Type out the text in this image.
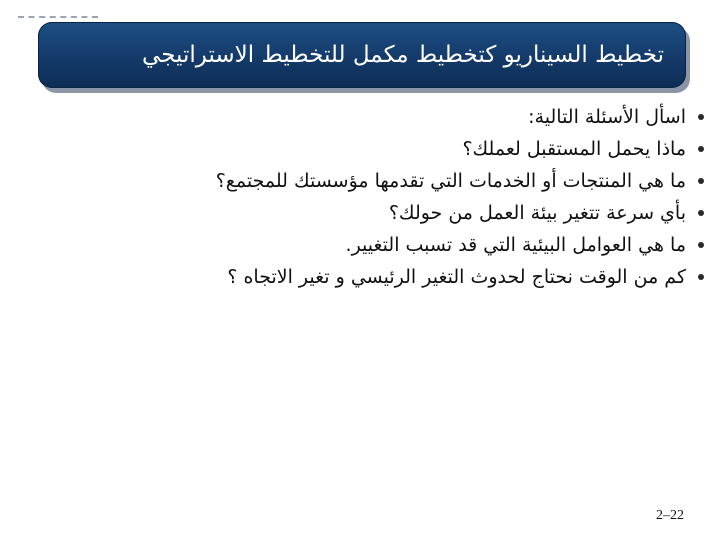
تخطيط السيناريو كتخطيط مكمل للتخطيط الاستراتيجي
اسأل الأسئلة التالية:
ماذا يحمل المستقبل لعملك؟
ما هي المنتجات أو الخدمات التي تقدمها مؤسستك للمجتمع؟
بأي سرعة تتغير بيئة العمل من حولك؟
ما هي العوامل البيئية التي قد تسبب التغيير.
كم من الوقت نحتاج لحدوث التغير الرئيسي و تغير الاتجاه ؟
2–22
